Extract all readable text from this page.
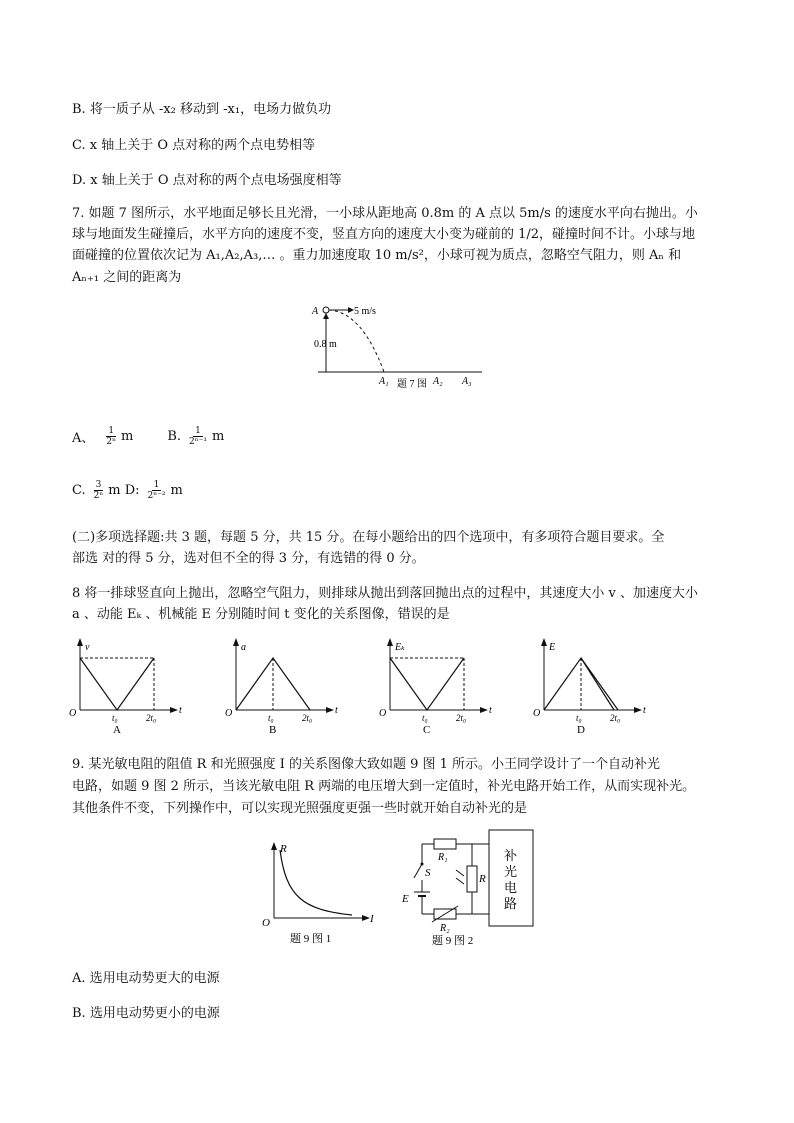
B. 将一质子从 -x₂ 移动到 -x₁，电场力做负功
C. x 轴上关于 O 点对称的两个点电势相等
D. x 轴上关于 O 点对称的两个点电场强度相等
7. 如题 7 图所示，水平地面足够长且光滑，一小球从距地高 0.8m 的 A 点以 5m/s 的速度水平向右抛出。小
球与地面发生碰撞后，水平方向的速度不变，竖直方向的速度大小变为碰前的 1/2，碰撞时间不计。小球与地
面碰撞的位置依次记为 A₁,A₂,A₃,… 。重力加速度取 10 m/s²，小球可视为质点，忽略空气阻力，则 Aₙ 和
Aₙ₊₁ 之间的距离为
A	5 m/s
0.8 m
A₁ 题 7 图 A₂ A₃
A、 $\frac{1}{\text{2ⁿ}}$ m	B. $\frac{1}{\text{2ⁿ⁻¹}}$ m
C. $\frac{3}{\text{2ⁿ}}$ m D: $\frac{1}{\text{2ⁿ⁻²}}$ m
(二)多项选择题:共 3 题，每题 5 分，共 15 分。在每小题给出的四个选项中，有多项符合题目要求。全
部选 对的得 5 分，选对但不全的得 3 分，有选错的得 0 分。
8 将一排球竖直向上抛出，忽略空气阻力，则排球从抛出到落回抛出点的过程中，其速度大小 v 、加速度大小
a 、动能 Eₖ 、机械能 E 分别随时间 t 变化的关系图像，错误的是
v
O	t₀	2t₀
t
A
a
O	t₀	2t₀
t
B
Eₖ
O	t₀	2t₀
t
C
E
O	t₀	2t₀
t
D
9. 某光敏电阻的阻值 R 和光照强度 I 的关系图像大致如题 9 图 1 所示。小王同学设计了一个自动补光
电路，如题 9 图 2 所示，当该光敏电阻 R 两端的电压增大到一定值时，补光电路开始工作，从而实现补光。
其他条件不变，下列操作中，可以实现光照强度更强一些时就开始自动补光的是
R
I
O
题 9 图 1
R₁
S
E
R₂
R
补
光
电
路
题 9 图 2
A. 选用电动势更大的电源
B. 选用电动势更小的电源
